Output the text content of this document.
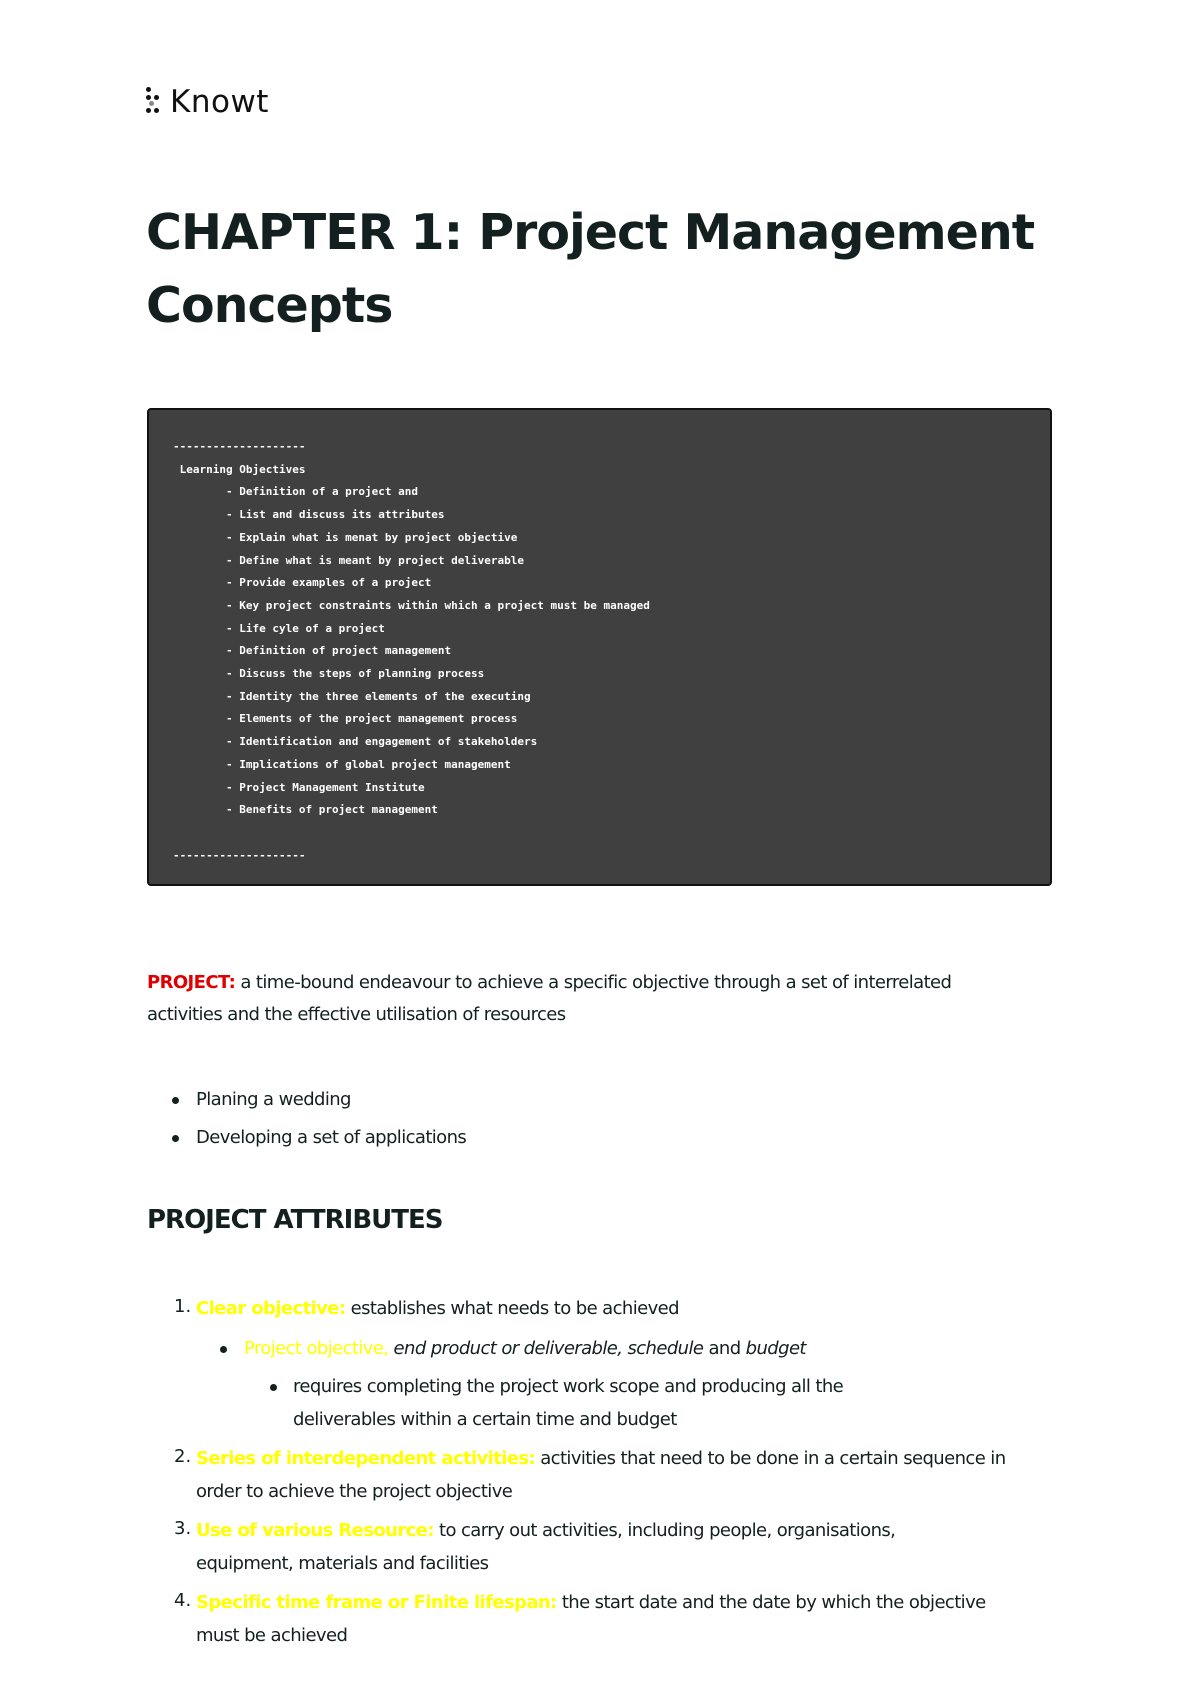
Knowt
CHAPTER 1: Project Management Concepts
--------------------
Learning Objectives
- Definition of a project and
- List and discuss its attributes
- Explain what is menat by project objective
- Define what is meant by project deliverable
- Provide examples of a project
- Key project constraints within which a project must be managed
- Life cyle of a project
- Definition of project management
- Discuss the steps of planning process
- Identity the three elements of the executing
- Elements of the project management process
- Identification and engagement of stakeholders
- Implications of global project management
- Project Management Institute
- Benefits of project management

--------------------
PROJECT: a time-bound endeavour to achieve a specific objective through a set of interrelated activities and the effective utilisation of resources
Planing a wedding
Developing a set of applications
PROJECT ATTRIBUTES
1. Clear objective: establishes what needs to be achieved
Project objective, end product or deliverable, schedule and budget
requires completing the project work scope and producing all the deliverables within a certain time and budget
2. Series of interdependent activities: activities that need to be done in a certain sequence in order to achieve the project objective
3. Use of various Resource: to carry out activities, including people, organisations, equipment, materials and facilities
4. Specific time frame or Finite lifespan: the start date and the date by which the objective must be achieved
